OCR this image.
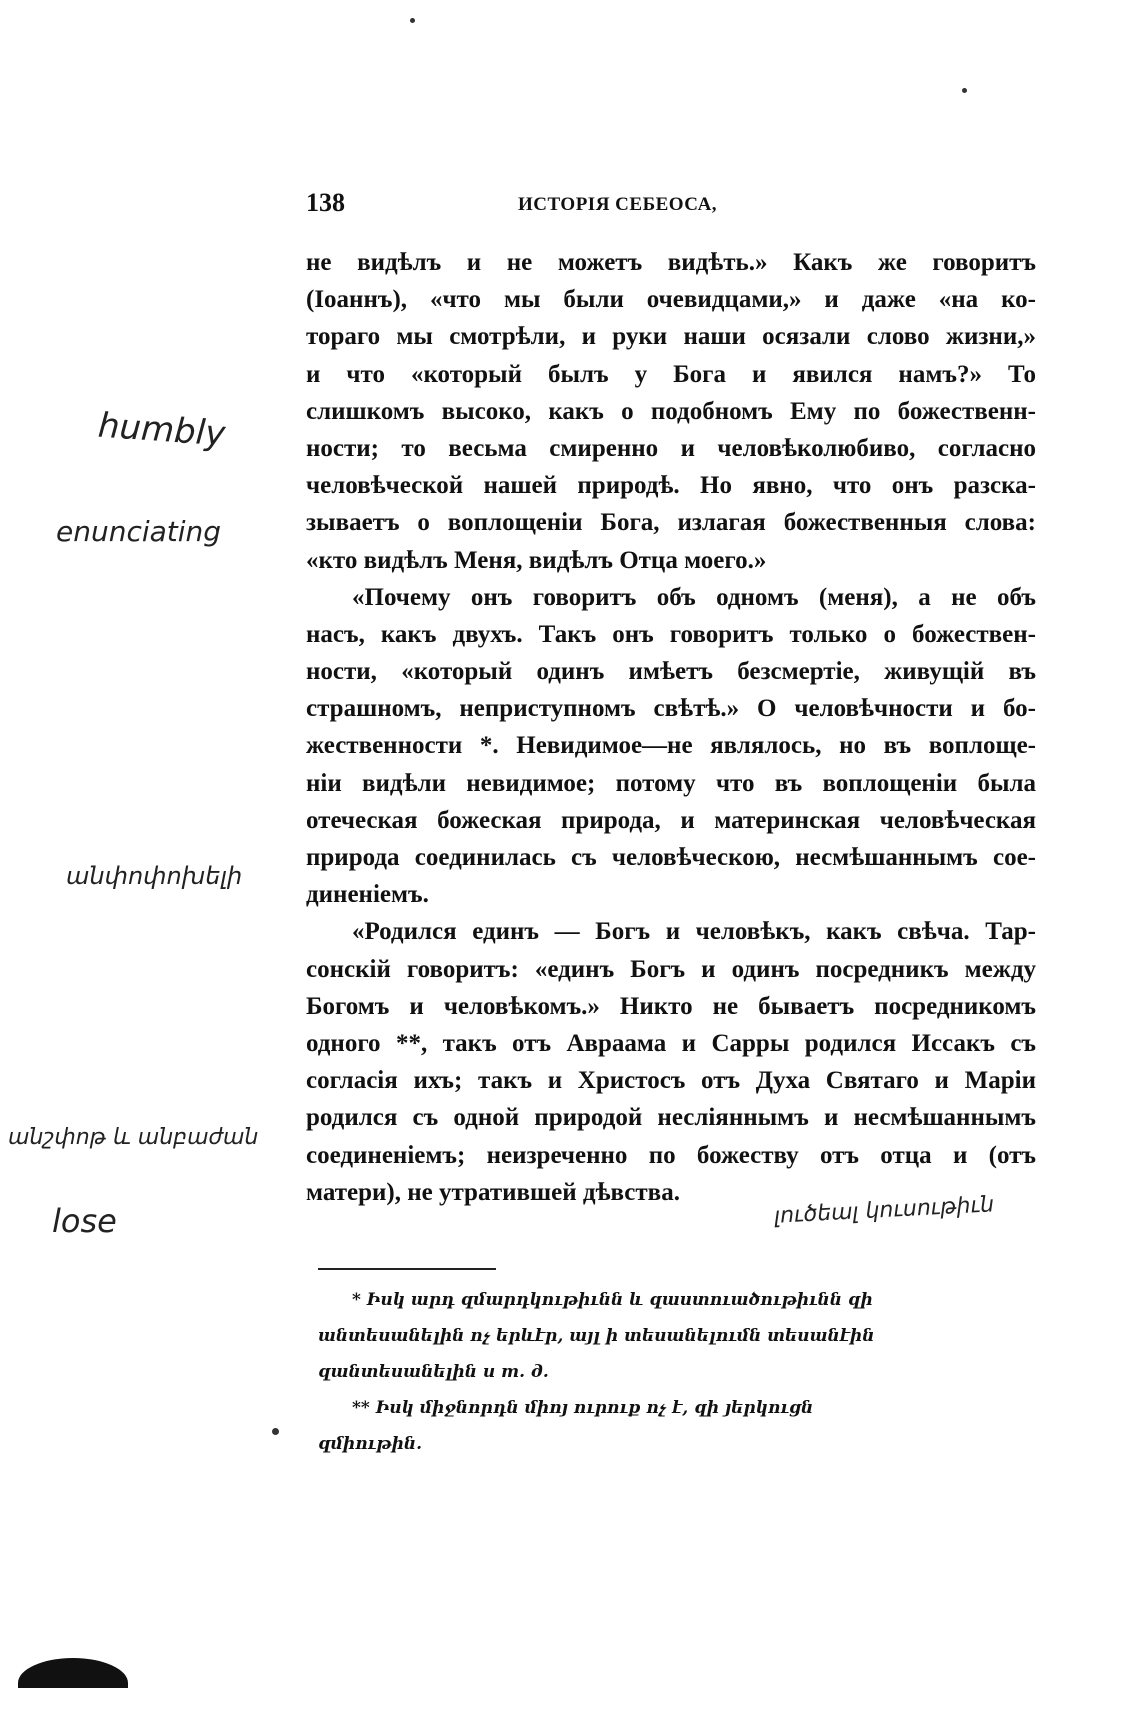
138	ИСТОРІЯ СЕБЕОСА,
не видѣлъ и не можетъ видѣть.» Какъ же говоритъ
(Іоаннъ), «что мы были очевидцами,» и даже «на ко-
тораго мы смотрѣли, и руки наши осязали слово жизни,»
и что «который былъ у Бога и явился намъ?» То
слишкомъ высоко, какъ о подобномъ Ему по божественн-
ности; то весьма смиренно и человѣколюбиво, согласно
человѣческой нашей природѣ. Но явно, что онъ разска-
зываетъ о воплощеніи Бога, излагая божественныя слова:
«кто видѣлъ Меня, видѣлъ Отца моего.»
«Почему онъ говоритъ объ одномъ (меня), а не объ
насъ, какъ двухъ. Такъ онъ говоритъ только о божествен-
ности, «который одинъ имѣетъ безсмертіе, живущій въ
страшномъ, неприступномъ свѣтѣ.» О человѣчности и бо-
жественности *. Невидимое—не являлось, но въ воплоще-
ніи видѣли невидимое; потому что въ воплощеніи была
отеческая божеская природа, и материнская человѣческая
природа соединилась съ человѣческою, несмѣшаннымъ сое-
диненіемъ.
«Родился единъ — Богъ и человѣкъ, какъ свѣча. Тар-
сонскій говоритъ: «единъ Богъ и одинъ посредникъ между
Богомъ и человѣкомъ.» Никто не бываетъ посредникомъ
одного **, такъ отъ Авраама и Сарры родился Иссакъ съ
согласія ихъ; такъ и Христосъ отъ Духа Святаго и Маріи
родился съ одной природой неслiяннымъ и несмѣшаннымъ
соединеніемъ; неизреченно по божеству отъ отца и (отъ
матери), не утратившей дѣвства.
* Իսկ արդ զմարդկութիւնն և զաստուածութիւնն զի
անտեսանելին ոչ երևէր, այլ ի տեսանելումն տեսանէին
զանտեսանելին и т. д.
** Իսկ միջնորդն միոյ ուրուք ոչ է, զի յերկուցն
զմիութին.
humbly
enunciating
անփոփոխելի
անշփոթ և անբաժան
lose	լուծեալ կուսութիւն
